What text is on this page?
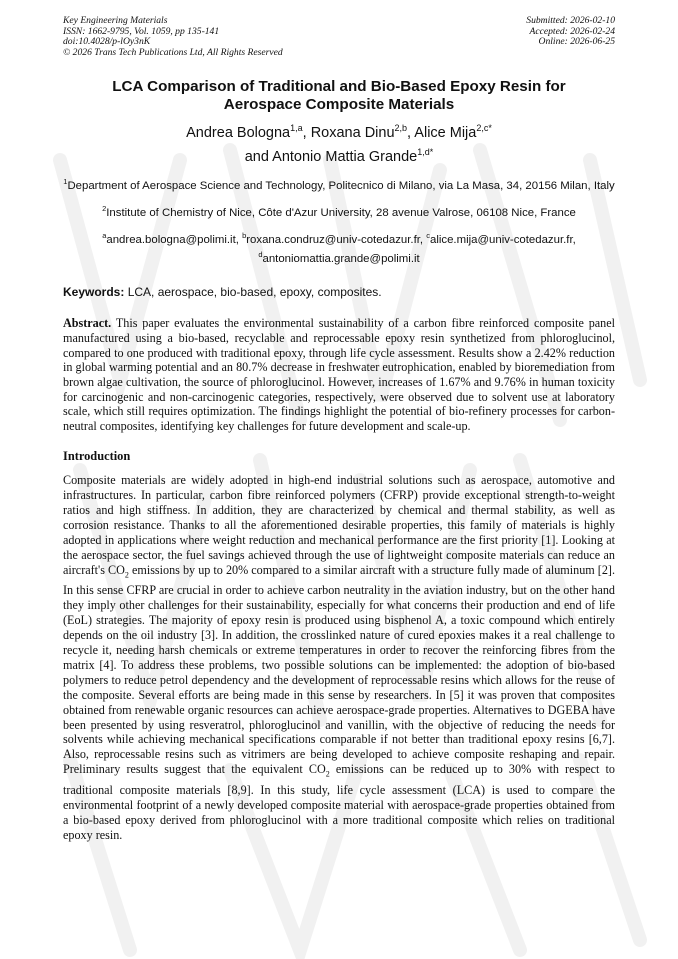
Key Engineering Materials
ISSN: 1662-9795, Vol. 1059, pp 135-141
doi:10.4028/p-lOy3nK
© 2026 Trans Tech Publications Ltd, All Rights Reserved
Submitted: 2026-02-10
Accepted: 2026-02-24
Online: 2026-06-25
LCA Comparison of Traditional and Bio-Based Epoxy Resin for
Aerospace Composite Materials
Andrea Bologna$^{1,a}$, Roxana Dinu$^{2,b}$, Alice Mija$^{2,c*}$
and Antonio Mattia Grande$^{1,d*}$
$^1$Department of Aerospace Science and Technology, Politecnico di Milano, via La Masa, 34, 20156 Milan, Italy
$^2$Institute of Chemistry of Nice, Côte d'Azur University, 28 avenue Valrose, 06108 Nice, France
$^a$andrea.bologna@polimi.it, $^b$roxana.condruz@univ-cotedazur.fr, $^c$alice.mija@univ-cotedazur.fr,
$^d$antoniomattia.grande@polimi.it
Keywords: LCA, aerospace, bio-based, epoxy, composites.
Abstract. This paper evaluates the environmental sustainability of a carbon fibre reinforced composite panel manufactured using a bio-based, recyclable and reprocessable epoxy resin synthetized from phloroglucinol, compared to one produced with traditional epoxy, through life cycle assessment. Results show a 2.42% reduction in global warming potential and an 80.7% decrease in freshwater eutrophication, enabled by bioremediation from brown algae cultivation, the source of phloroglucinol. However, increases of 1.67% and 9.76% in human toxicity for carcinogenic and non-carcinogenic categories, respectively, were observed due to solvent use at laboratory scale, which still requires optimization. The findings highlight the potential of bio-refinery processes for carbon-neutral composites, identifying key challenges for future development and scale-up.
Introduction
Composite materials are widely adopted in high-end industrial solutions such as aerospace, automotive and infrastructures. In particular, carbon fibre reinforced polymers (CFRP) provide exceptional strength-to-weight ratios and high stiffness. In addition, they are characterized by chemical and thermal stability, as well as corrosion resistance. Thanks to all the aforementioned desirable properties, this family of materials is highly adopted in applications where weight reduction and mechanical performance are the first priority [1]. Looking at the aerospace sector, the fuel savings achieved through the use of lightweight composite materials can reduce an aircraft's $CO_2$ emissions by up to 20% compared to a similar aircraft with a structure fully made of aluminum [2]. In this sense CFRP are crucial in order to achieve carbon neutrality in the aviation industry, but on the other hand they imply other challenges for their sustainability, especially for what concerns their production and end of life (EoL) strategies. The majority of epoxy resin is produced using bisphenol A, a toxic compound which entirely depends on the oil industry [3]. In addition, the crosslinked nature of cured epoxies makes it a real challenge to recycle it, needing harsh chemicals or extreme temperatures in order to recover the reinforcing fibres from the matrix [4]. To address these problems, two possible solutions can be implemented: the adoption of bio-based polymers to reduce petrol dependency and the development of reprocessable resins which allows for the reuse of the composite. Several efforts are being made in this sense by researchers. In [5] it was proven that composites obtained from renewable organic resources can achieve aerospace-grade properties. Alternatives to DGEBA have been presented by using resveratrol, phloroglucinol and vanillin, with the objective of reducing the needs for solvents while achieving mechanical specifications comparable if not better than traditional epoxy resins [6,7]. Also, reprocessable resins such as vitrimers are being developed to achieve composite reshaping and repair. Preliminary results suggest that the equivalent $CO_2$ emissions can be reduced up to 30% with respect to traditional composite materials [8,9]. In this study, life cycle assessment (LCA) is used to compare the environmental footprint of a newly developed composite material with aerospace-grade properties obtained from a bio-based epoxy derived from phloroglucinol with a more traditional composite which relies on traditional epoxy resin.
